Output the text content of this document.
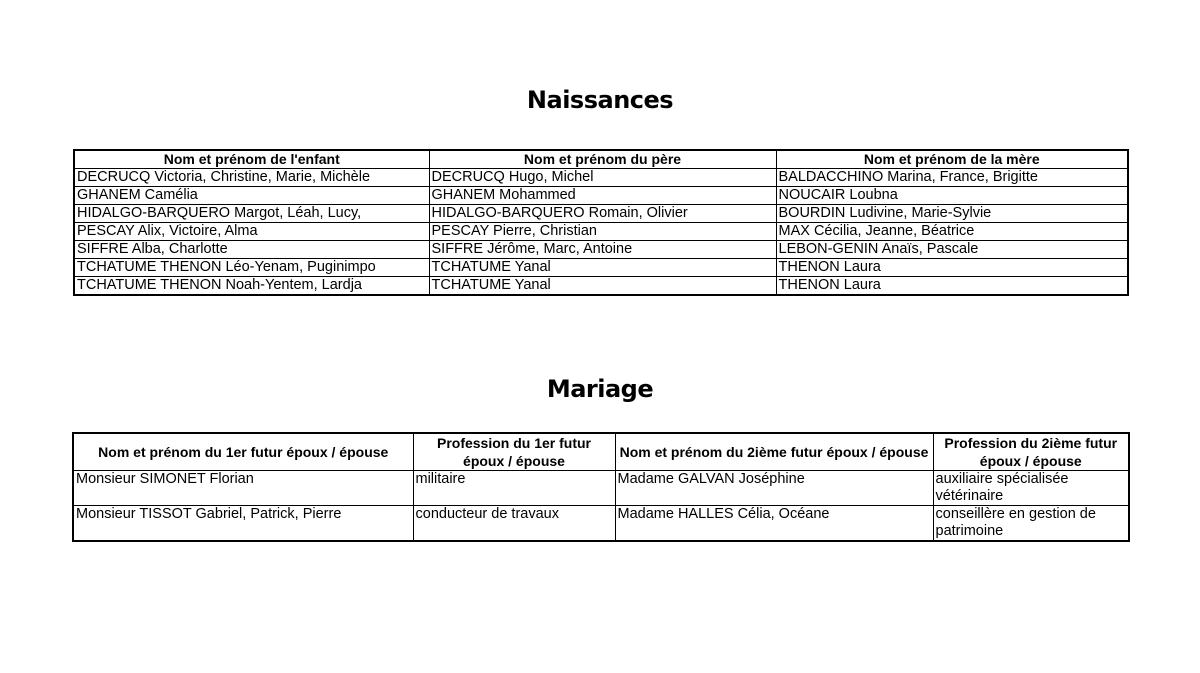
Naissances
Nom et prénom de l'enfant	Nom et prénom du père	Nom et prénom de la mère
DECRUCQ Victoria, Christine, Marie, Michèle	DECRUCQ Hugo, Michel	BALDACCHINO Marina, France, Brigitte
GHANEM Camélia	GHANEM Mohammed	NOUCAIR Loubna
HIDALGO-BARQUERO Margot, Léah, Lucy,	HIDALGO-BARQUERO Romain, Olivier	BOURDIN Ludivine, Marie-Sylvie
PESCAY Alix, Victoire, Alma	PESCAY Pierre, Christian	MAX Cécilia, Jeanne, Béatrice
SIFFRE Alba, Charlotte	SIFFRE Jérôme, Marc, Antoine	LEBON-GENIN Anaïs, Pascale
TCHATUME THENON Léo-Yenam, Puginimpo	TCHATUME Yanal	THENON Laura
TCHATUME THENON Noah-Yentem, Lardja	TCHATUME Yanal	THENON Laura
Mariage
Nom et prénom du 1er futur époux / épouse	Profession du 1er futur époux / épouse	Nom et prénom du 2ième futur époux / épouse	Profession du 2ième futur époux / épouse
Monsieur SIMONET Florian	militaire	Madame GALVAN Joséphine	auxiliaire spécialisée vétérinaire
Monsieur TISSOT Gabriel, Patrick, Pierre	conducteur de travaux	Madame HALLES Célia, Océane	conseillère en gestion de patrimoine
